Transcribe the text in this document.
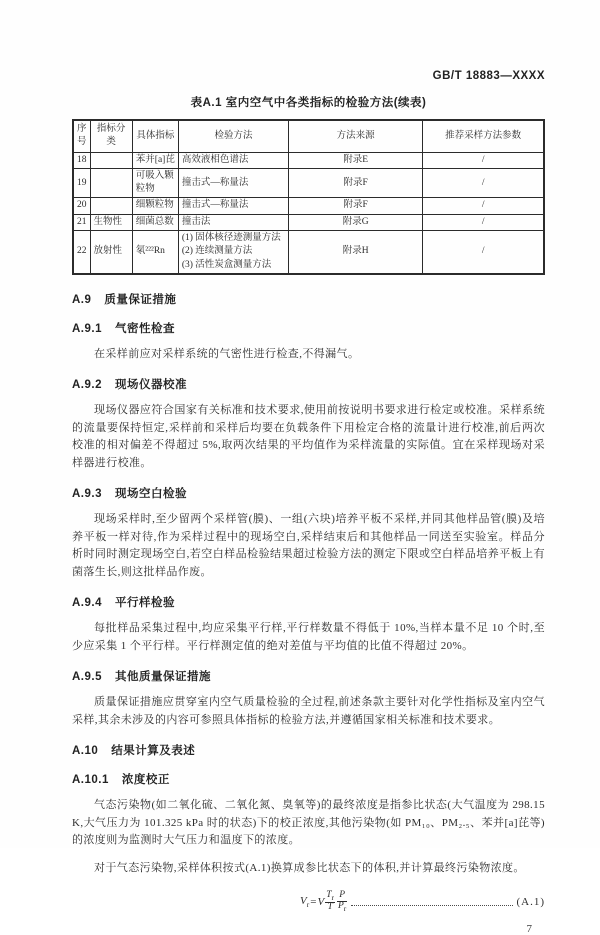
GB/T 18883—XXXX
表A.1 室内空气中各类指标的检验方法(续表)
序号	指标分类	具体指标	检验方法	方法来源	推荐采样方法参数
18		苯并[a]芘	高效液相色谱法	附录E	/
19		可吸入颗粒物	撞击式—称量法	附录F	/
20		细颗粒物	撞击式—称量法	附录F	/
21	生物性	细菌总数	撞击法	附录G	/
22	放射性	氡²²²Rn	(1) 固体核径迹测量方法
(2) 连续测量方法
(3) 活性炭盒测量方法	附录H	/
A.9 质量保证措施
A.9.1 气密性检查

在采样前应对采样系统的气密性进行检查,不得漏气。

A.9.2 现场仪器校准

现场仪器应符合国家有关标准和技术要求,使用前按说明书要求进行检定或校准。采样系统的流量要保持恒定,采样前和采样后均要在负载条件下用检定合格的流量计进行校准,前后两次校准的相对偏差不得超过 5%,取两次结果的平均值作为采样流量的实际值。宜在采样现场对采样器进行校准。

A.9.3 现场空白检验

现场采样时,至少留两个采样管(膜)、一组(六块)培养平板不采样,并同其他样品管(膜)及培养平板一样对待,作为采样过程中的现场空白,采样结束后和其他样品一同送至实验室。样品分析时同时测定现场空白,若空白样品检验结果超过检验方法的测定下限或空白样品培养平板上有菌落生长,则这批样品作废。

A.9.4 平行样检验

每批样品采集过程中,均应采集平行样,平行样数量不得低于 10%,当样本量不足 10 个时,至少应采集 1 个平行样。平行样测定值的绝对差值与平均值的比值不得超过 20%。

A.9.5 其他质量保证措施

质量保证措施应贯穿室内空气质量检验的全过程,前述条款主要针对化学性指标及室内空气采样,其余未涉及的内容可参照具体指标的检验方法,并遵循国家相关标准和技术要求。

A.10 结果计算及表述
A.10.1 浓度校正

气态污染物(如二氧化硫、二氧化氮、臭氧等)的最终浓度是指参比状态(大气温度为 298.15 K,大气压力为 101.325 kPa 时的状态)下的校正浓度,其他污染物(如 PM₁₀、PM₂.₅、苯并[a]芘等)的浓度则为监测时大气压力和温度下的浓度。

对于气态污染物,采样体积按式(A.1)换算成参比状态下的体积,并计算最终污染物浓度。

$V_r = V \frac{T_r}{T} \frac{P}{P_r}$	(A.1)
7
